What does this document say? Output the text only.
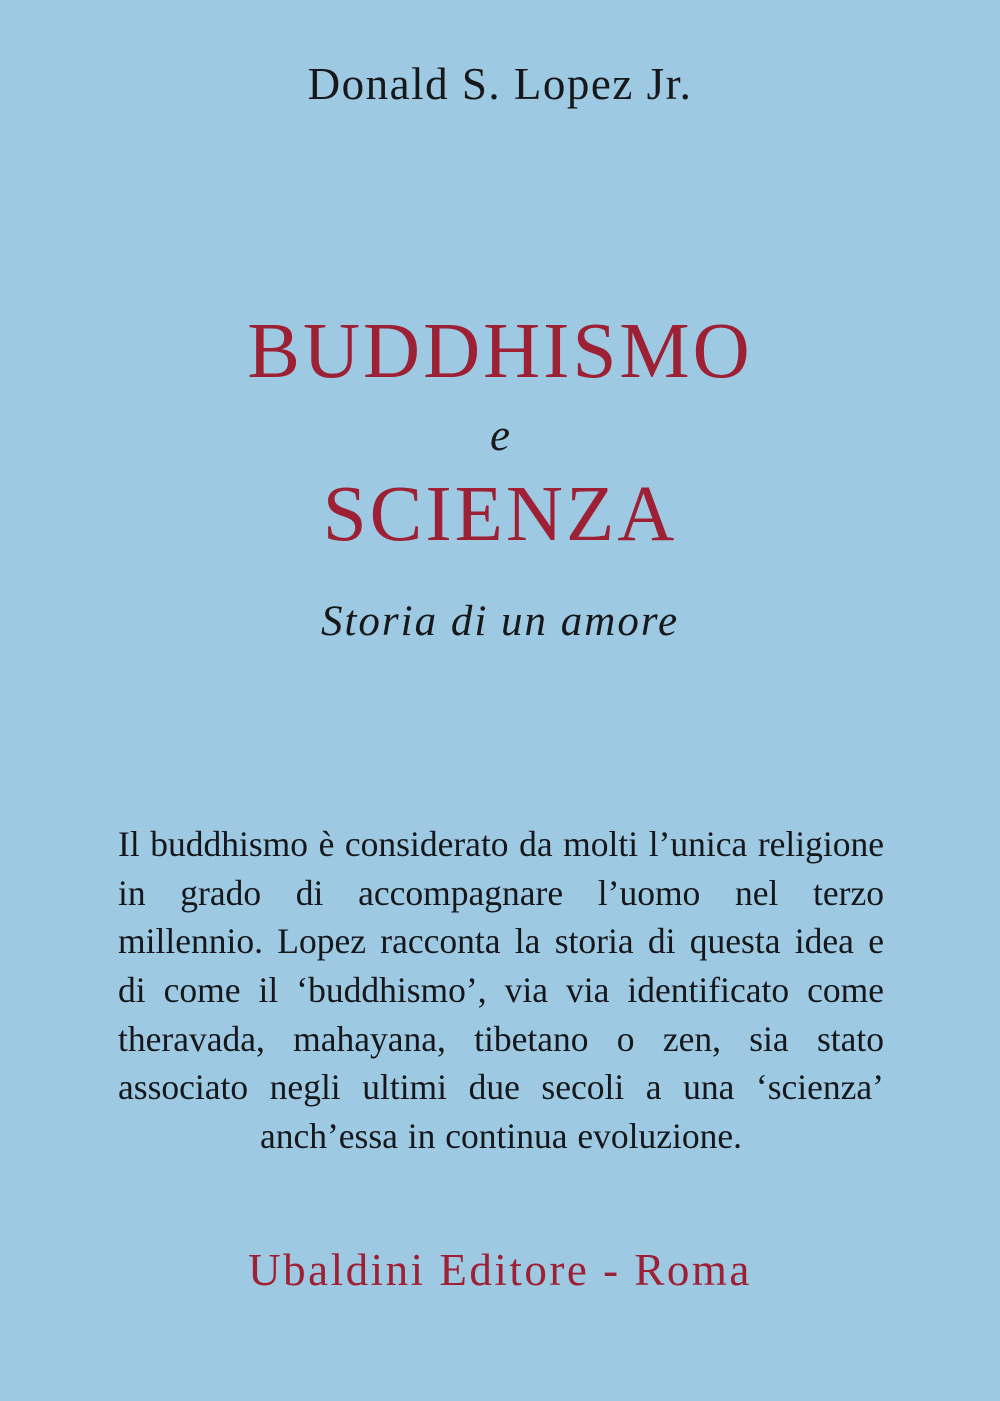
Donald S. Lopez Jr.
BUDDHISMO
e
SCIENZA
Storia di un amore
Il buddhismo è considerato da molti l’unica religione in grado di accompagnare l’uomo nel terzo millennio. Lopez racconta la storia di questa idea e di come il ‘buddhismo’, via via identificato come theravada, mahayana, tibetano o zen, sia stato associato negli ultimi due secoli a una ‘scienza’ anch’essa in continua evoluzione.
Ubaldini Editore - Roma
